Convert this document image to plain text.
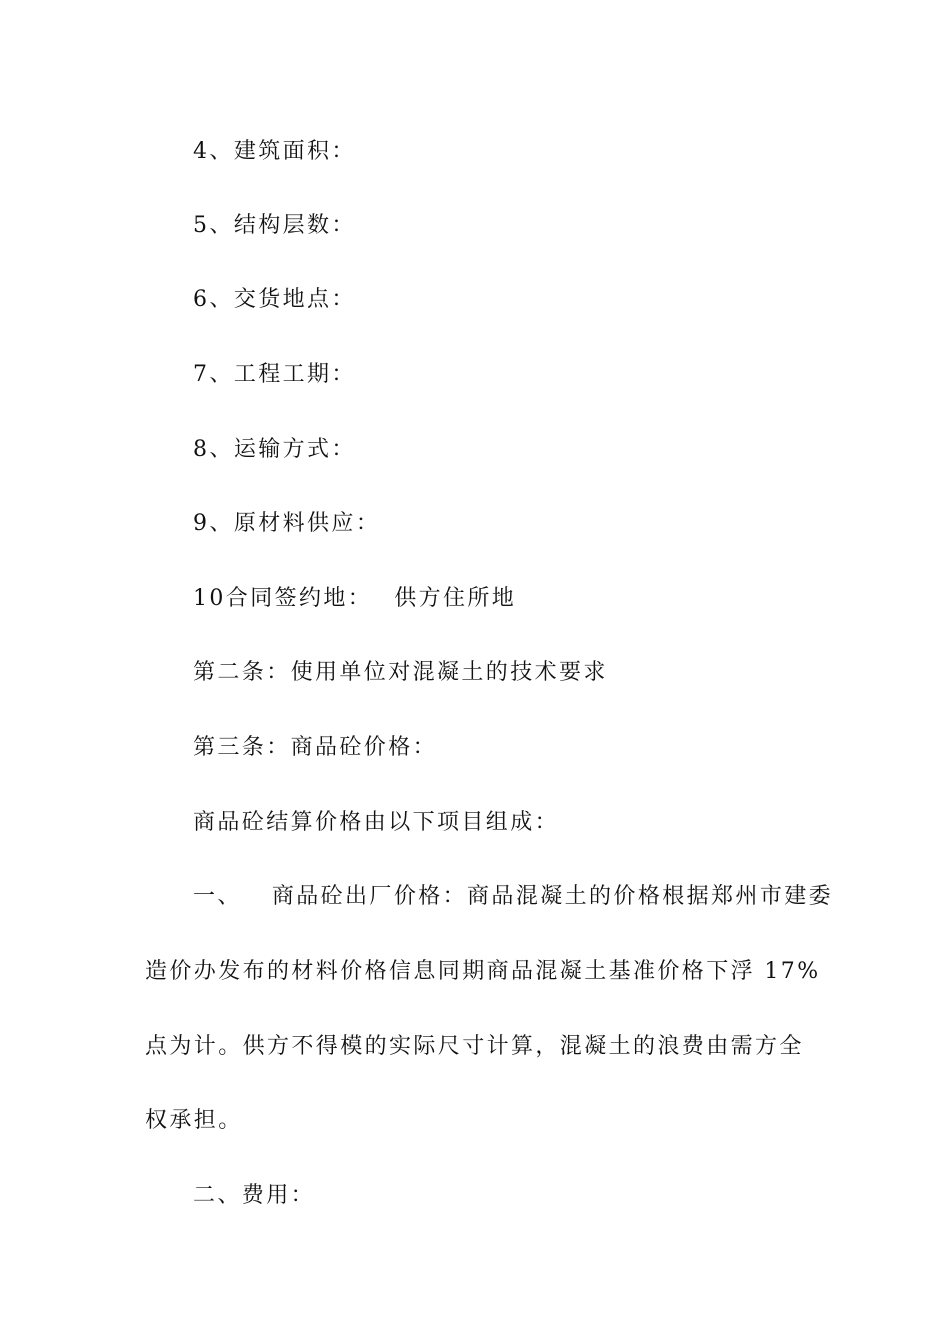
4、建筑面积：
5、结构层数：
6、交货地点：
7、工程工期：
8、运输方式：
9、原材料供应：
10合同签约地： 供方住所地
第二条：使用单位对混凝土的技术要求
第三条：商品砼价格：
商品砼结算价格由以下项目组成：
一、 商品砼出厂价格：商品混凝土的价格根据郑州市建委
造价办发布的材料价格信息同期商品混凝土基准价格下浮 17%
点为计。供方不得模的实际尺寸计算，混凝土的浪费由需方全
权承担。
二、费用：
